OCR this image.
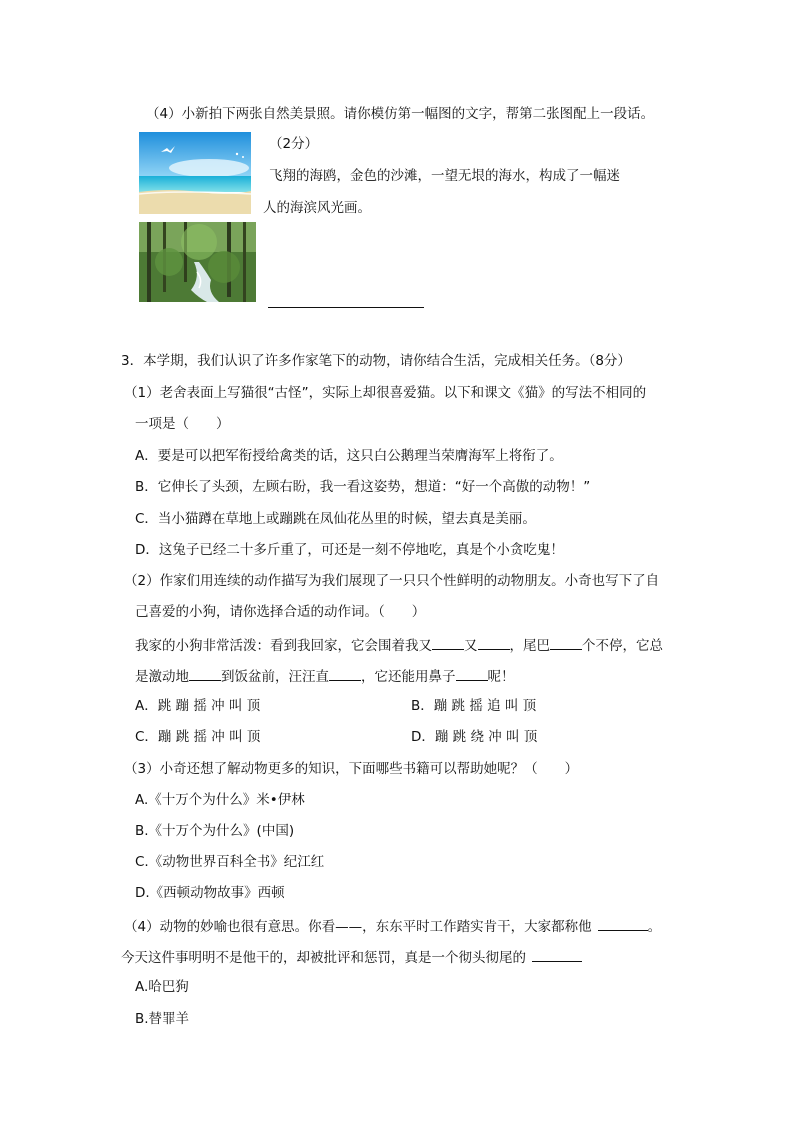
（4）小新拍下两张自然美景照。请你模仿第一幅图的文字，帮第二张图配上一段话。
（2分）
飞翔的海鸥，金色的沙滩，一望无垠的海水，构成了一幅迷
人的海滨风光画。
3．本学期，我们认识了许多作家笔下的动物，请你结合生活，完成相关任务。（8分）
（1）老舍表面上写猫很“古怪”，实际上却很喜爱猫。以下和课文《猫》的写法不相同的
一项是（　　）
A．要是可以把军衔授给禽类的话，这只白公鹅理当荣膺海军上将衔了。
B．它伸长了头颈，左顾右盼，我一看这姿势，想道：“好一个高傲的动物！”
C．当小猫蹲在草地上或蹦跳在凤仙花丛里的时候，望去真是美丽。
D．这兔子已经二十多斤重了，可还是一刻不停地吃，真是个小贪吃鬼！
（2）作家们用连续的动作描写为我们展现了一只只个性鲜明的动物朋友。小奇也写下了自
己喜爱的小狗，请你选择合适的动作词。（　　）
我家的小狗非常活泼：看到我回家，它会围着我又 又 ，尾巴 个不停，它总
是激动地 到饭盆前，汪汪直 ，它还能用鼻子 呢！
A．跳 蹦 摇 冲 叫 顶	B．蹦 跳 摇 追 叫 顶
C．蹦 跳 摇 冲 叫 顶	D．蹦 跳 绕 冲 叫 顶
（3）小奇还想了解动物更多的知识，下面哪些书籍可以帮助她呢？（　　）
A.《十万个为什么》米•伊林
B.《十万个为什么》(中国)
C.《动物世界百科全书》纪江红
D.《西顿动物故事》西顿
（4）动物的妙喻也很有意思。你看——，东东平时工作踏实肯干，大家都称他	。
今天这件事明明不是他干的，却被批评和惩罚，真是一个彻头彻尾的
A.哈巴狗
B.替罪羊
